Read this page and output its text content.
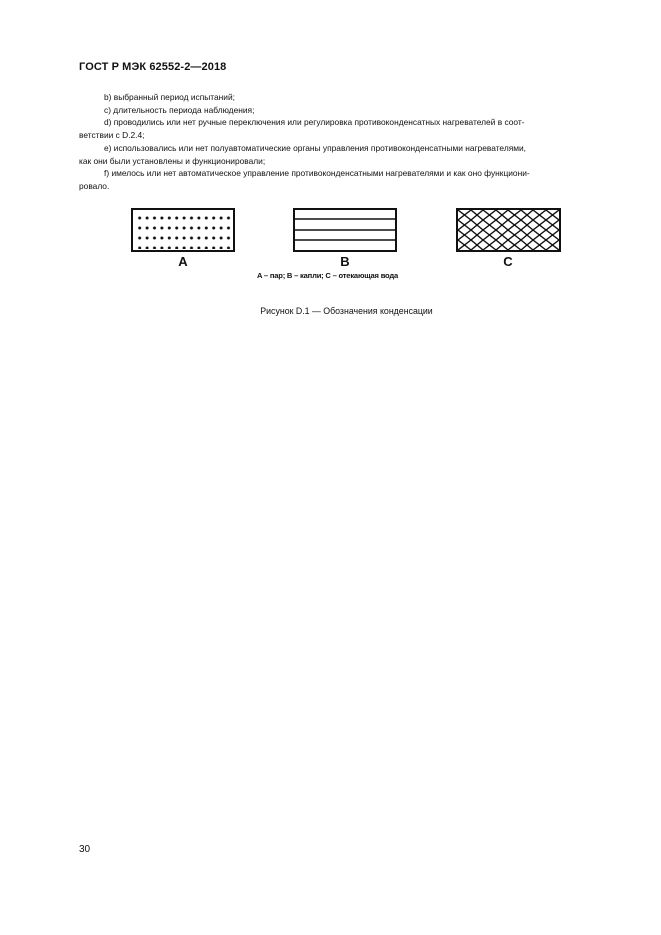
ГОСТ Р МЭК 62552-2—2018

b) выбранный период испытаний;

c) длительность периода наблюдения;

d) проводились или нет ручные переключения или регулировка противоконденсатных нагревателей в соот-

ветствии с D.2.4;

e) использовались или нет полуавтоматические органы управления противоконденсатными нагревателями,

как они были установлены и функционировали;

f) имелось или нет автоматическое управление противоконденсатными нагревателями и как оно функциони-

ровало.

A	B	C
A – пар; B – капли; C – отекающая вода
Рисунок D.1 — Обозначения конденсации
30
